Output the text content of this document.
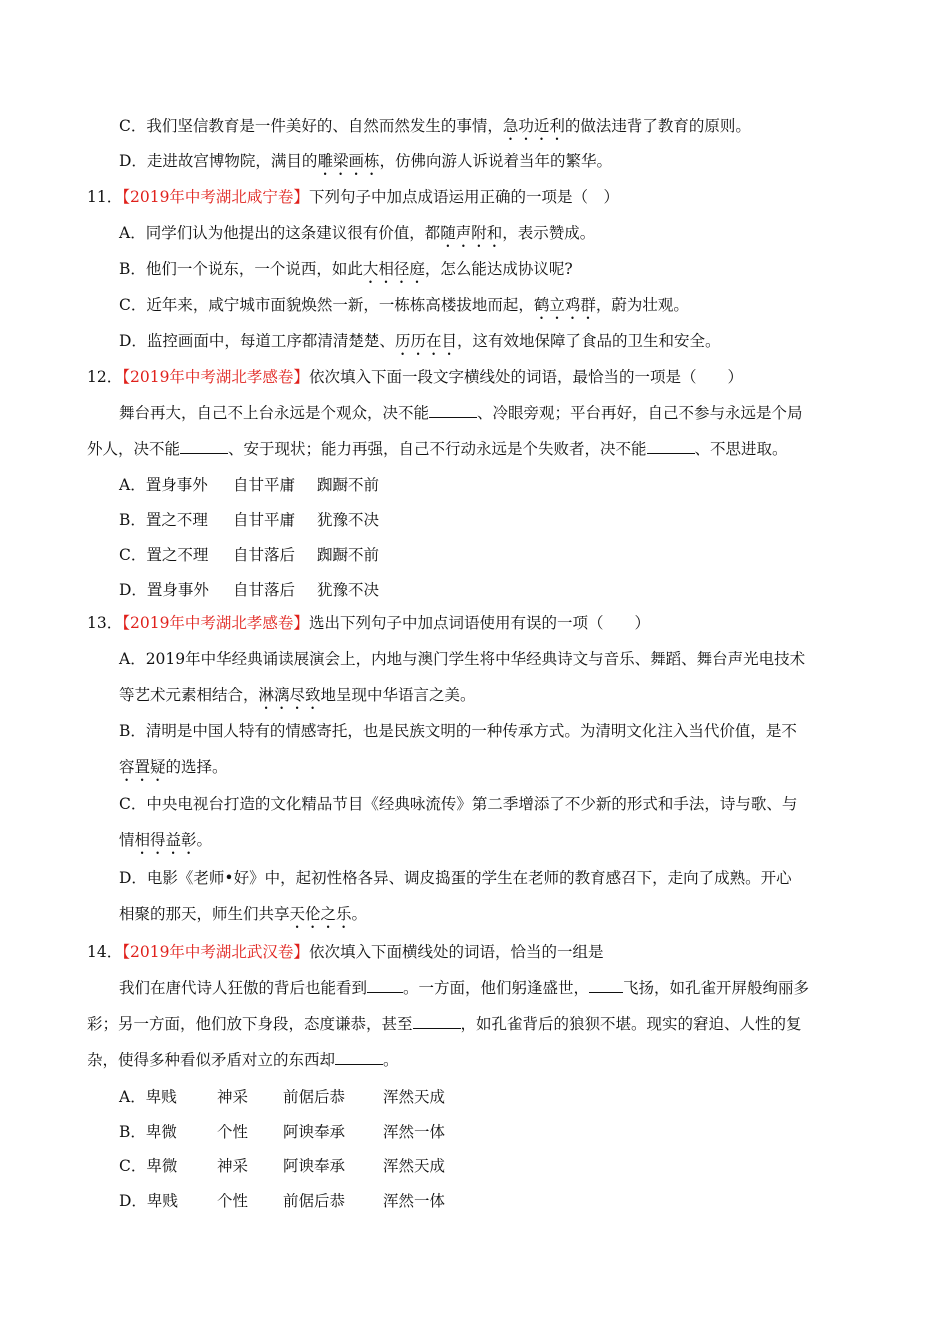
C．我们坚信教育是一件美好的、自然而然发生的事情，急功近利的做法违背了教育的原则。
D．走进故宫博物院，满目的雕梁画栋，仿佛向游人诉说着当年的繁华。
11．【2019年中考湖北咸宁卷】下列句子中加点成语运用正确的一项是（　）
A．同学们认为他提出的这条建议很有价值，都随声附和，表示赞成。
B．他们一个说东，一个说西，如此大相径庭，怎么能达成协议呢?
C．近年来，咸宁城市面貌焕然一新，一栋栋高楼拔地而起，鹤立鸡群，蔚为壮观。
D．监控画面中，每道工序都清清楚楚、历历在目，这有效地保障了食品的卫生和安全。
12．【2019年中考湖北孝感卷】依次填入下面一段文字横线处的词语，最恰当的一项是（　　）
舞台再大，自己不上台永远是个观众，决不能	、冷眼旁观；平台再好，自己不参与永远是个局
外人，决不能	、安于现状；能力再强，自己不行动永远是个失败者，决不能	、不思进取。
A．置身事外 自甘平庸 踟蹰不前
B．置之不理 自甘平庸 犹豫不决
C．置之不理 自甘落后 踟蹰不前
D．置身事外 自甘落后 犹豫不决
13．【2019年中考湖北孝感卷】选出下列句子中加点词语使用有误的一项（　　）
A．2019年中华经典诵读展演会上，内地与澳门学生将中华经典诗文与音乐、舞蹈、舞台声光电技术
等艺术元素相结合，淋漓尽致地呈现中华语言之美。
B．清明是中国人特有的情感寄托，也是民族文明的一种传承方式。为清明文化注入当代价值，是不
容置疑的选择。
C．中央电视台打造的文化精品节目《经典咏流传》第二季增添了不少新的形式和手法，诗与歌、与
情相得益彰。
D．电影《老师•好》中，起初性格各异、调皮捣蛋的学生在老师的教育感召下，走向了成熟。开心
相聚的那天，师生们共享天伦之乐。
14．【2019年中考湖北武汉卷】依次填入下面横线处的词语，恰当的一组是
我们在唐代诗人狂傲的背后也能看到 。一方面，他们躬逢盛世， 飞扬，如孔雀开屏般绚丽多
彩；另一方面，他们放下身段，态度谦恭，甚至	，如孔雀背后的狼狈不堪。现实的窘迫、人性的复
杂，使得多种看似矛盾对立的东西却	。
A．卑贱	神采 前倨后恭 浑然天成
B．卑微	个性 阿谀奉承 浑然一体
C．卑微	神采 阿谀奉承 浑然天成
D．卑贱	个性 前倨后恭 浑然一体
